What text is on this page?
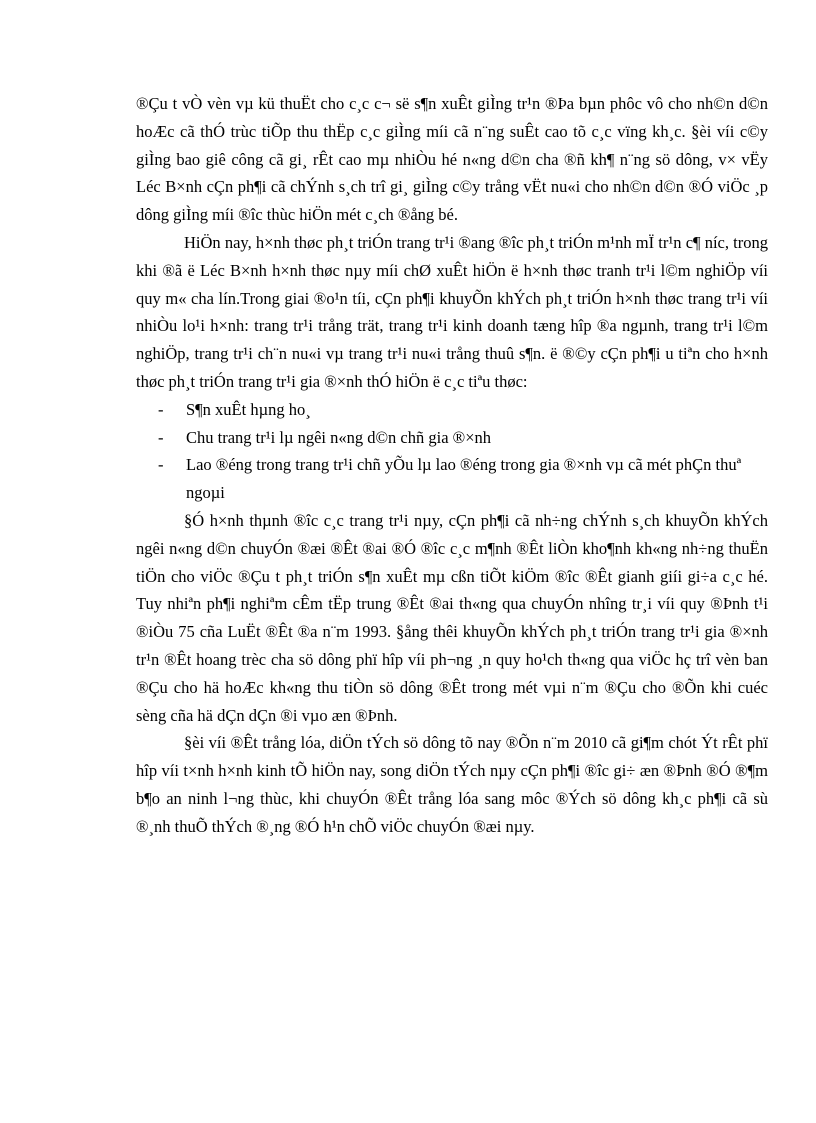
®Çu t vÒ vèn vµ kü thuËt cho c¸c c¬ së s¶n xuÊt giÌng tr¹n ®Þa bµn phôc vô cho nh©n d©n hoÆc cã thÓ trùc tiÕp thu thËp c¸c giÌng míi cã n¨ng suÊt cao tõ c¸c vïng kh¸c. §èi víi c©y giÌng bao giê công cã gi¸ rÊt cao mµ nhiÒu hé n«ng d©n cha ®ñ kh¶ n¨ng sö dông, v× vËy Léc B×nh cÇn ph¶i cã chÝnh s¸ch trî gi¸ giÌng c©y trång vËt nu«i cho nh©n d©n ®Ó viÖc ¸p dông giÌng míi ®îc thùc hiÖn mét c¸ch ®ång bé.

HiÖn nay, h×nh thøc ph¸t triÓn trang tr¹i ®ang ®îc ph¸t triÓn m¹nh mÏ tr¹n c¶ níc, trong khi ®ã ë Léc B×nh h×nh thøc nµy míi chØ xuÊt hiÖn ë h×nh thøc tranh tr¹i l©m nghiÖp víi quy m« cha lín.Trong giai ®o¹n tíi, cÇn ph¶i khuyÕn khÝch ph¸t triÓn h×nh thøc trang tr¹i víi nhiÒu lo¹i h×nh: trang tr¹i trång trät, trang tr¹i kinh doanh tæng hîp ®a ngµnh, trang tr¹i l©m nghiÖp, trang tr¹i ch¨n nu«i vµ trang tr¹i nu«i trång thuû s¶n. ë ®©y cÇn ph¶i u tiªn cho h×nh thøc ph¸t triÓn trang tr¹i gia ®×nh thÓ hiÖn ë c¸c tiªu thøc:

- S¶n xuÊt hµng ho¸
- Chu trang tr¹i lµ ngêi n«ng d©n chñ gia ®×nh
- Lao ®éng trong trang tr¹i chñ yÕu lµ lao ®éng trong gia ®×nh vµ cã mét phÇn thuª ngoµi

§Ó h×nh thµnh ®îc c¸c trang tr¹i nµy, cÇn ph¶i cã nh÷ng chÝnh s¸ch khuyÕn khÝch ngêi n«ng d©n chuyÓn ®æi ®Êt ®ai ®Ó ®îc c¸c m¶nh ®Êt liÒn kho¶nh kh«ng nh÷ng thuËn tiÖn cho viÖc ®Çu t ph¸t triÓn s¶n xuÊt mµ cßn tiÕt kiÖm ®îc ®Êt gianh giíi gi÷a c¸c hé. Tuy nhiªn ph¶i nghiªm cÊm tËp trung ®Êt ®ai th«ng qua chuyÓn nhîng tr¸i víi quy ®Þnh t¹i ®iÒu 75 cña LuËt ®Êt ®a n¨m 1993. §ång thêi khuyÕn khÝch ph¸t triÓn trang tr¹i gia ®×nh tr¹n ®Êt hoang trèc cha sö dông phï hîp víi ph¬ng ¸n quy ho¹ch th«ng qua viÖc hç trî vèn ban ®Çu cho hä hoÆc kh«ng thu tiÒn sö dông ®Êt trong mét vµi n¨m ®Çu cho ®Õn khi cuéc sèng cña hä dÇn dÇn ®i vµo æn ®Þnh.

§èi víi ®Êt trång lóa, diÖn tÝch sö dông tõ nay ®Õn n¨m 2010 cã gi¶m chót Ýt rÊt phï hîp víi t×nh h×nh kinh tÕ hiÖn nay, song diÖn tÝch nµy cÇn ph¶i ®îc gi÷ æn ®Þnh ®Ó ®¶m b¶o an ninh l¬ng thùc, khi chuyÓn ®Êt trång lóa sang môc ®Ých sö dông kh¸c ph¶i cã sù ®¸nh thuÕ thÝch ®¸ng ®Ó h¹n chÕ viÖc chuyÓn ®æi nµy.
